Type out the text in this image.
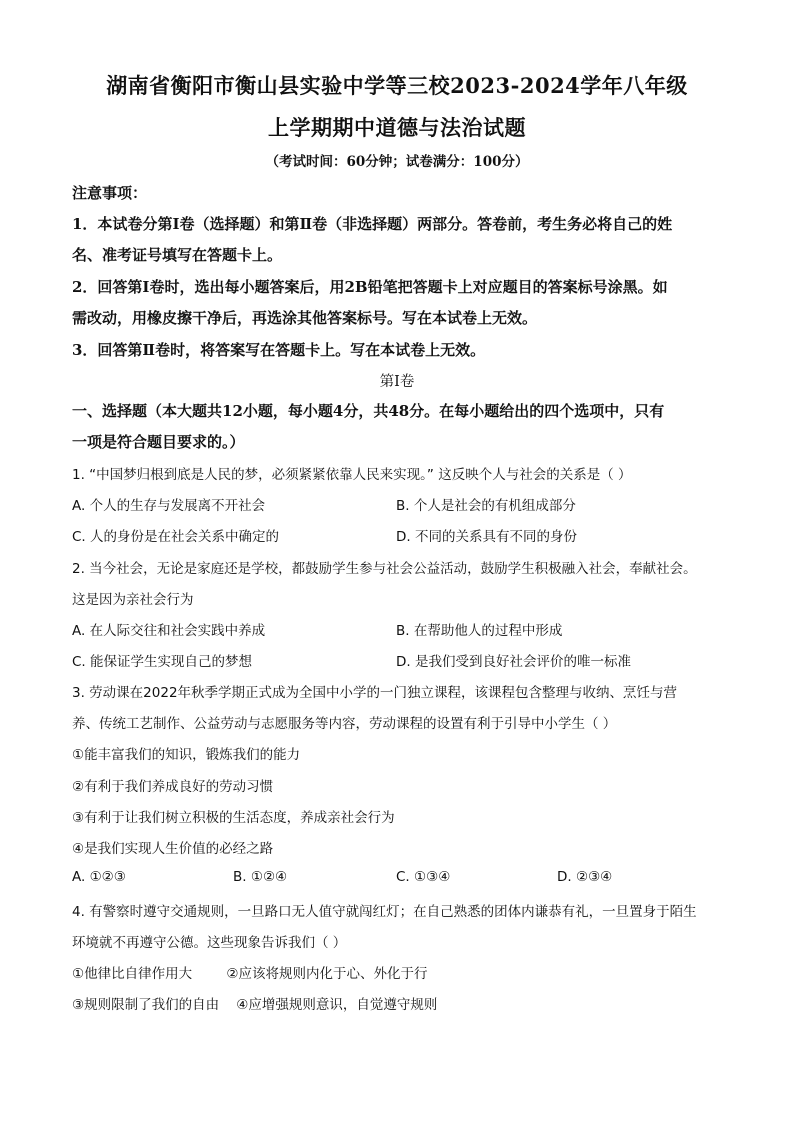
湖南省衡阳市衡山县实验中学等三校2023-2024学年八年级
上学期期中道德与法治试题
（考试时间：60分钟；试卷满分：100分）
注意事项：
1．本试卷分第Ⅰ卷（选择题）和第Ⅱ卷（非选择题）两部分。答卷前，考生务必将自己的姓
名、准考证号填写在答题卡上。
2．回答第Ⅰ卷时，选出每小题答案后，用2B铅笔把答题卡上对应题目的答案标号涂黑。如
需改动，用橡皮擦干净后，再选涂其他答案标号。写在本试卷上无效。
3．回答第Ⅱ卷时，将答案写在答题卡上。写在本试卷上无效。
第Ⅰ卷
一、选择题（本大题共12小题，每小题4分，共48分。在每小题给出的四个选项中，只有
一项是符合题目要求的。）
1. “中国梦归根到底是人民的梦，必须紧紧依靠人民来实现。” 这反映个人与社会的关系是（ ）
A. 个人的生存与发展离不开社会	B. 个人是社会的有机组成部分
C. 人的身份是在社会关系中确定的	D. 不同的关系具有不同的身份
2. 当今社会，无论是家庭还是学校，都鼓励学生参与社会公益活动，鼓励学生积极融入社会，奉献社会。
这是因为亲社会行为
A. 在人际交往和社会实践中养成	B. 在帮助他人的过程中形成
C. 能保证学生实现自己的梦想	D. 是我们受到良好社会评价的唯一标准
3. 劳动课在2022年秋季学期正式成为全国中小学的一门独立课程，该课程包含整理与收纳、烹饪与营
养、传统工艺制作、公益劳动与志愿服务等内容，劳动课程的设置有利于引导中小学生（ ）
①能丰富我们的知识，锻炼我们的能力
②有利于我们养成良好的劳动习惯
③有利于让我们树立积极的生活态度，养成亲社会行为
④是我们实现人生价值的必经之路
A. ①②③	B. ①②④	C. ①③④	D. ②③④
4. 有警察时遵守交通规则，一旦路口无人值守就闯红灯；在自己熟悉的团体内谦恭有礼，一旦置身于陌生
环境就不再遵守公德。这些现象告诉我们（ ）
①他律比自律作用大        ②应该将规则内化于心、外化于行
③规则限制了我们的自由    ④应增强规则意识，自觉遵守规则
